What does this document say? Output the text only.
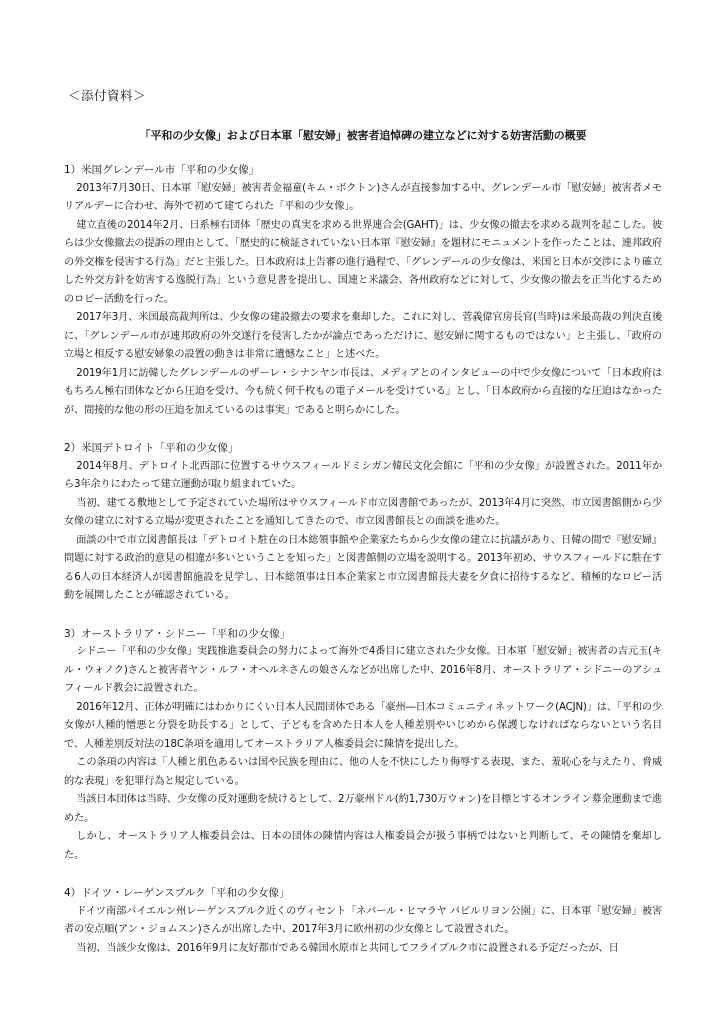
＜添付資料＞
「平和の少女像」および日本軍「慰安婦」被害者追悼碑の建立などに対する妨害活動の概要

1）米国グレンデール市「平和の少女像」

2013年7月30日、日本軍「慰安婦」被害者金福童(キム・ボクトン)さんが直接参加する中、グレンデール市「慰安婦」被害者メモリアルデーに合わせ、海外で初めて建てられた「平和の少女像」。

建立直後の2014年2月、日系極右団体「歴史の真実を求める世界連合会(GAHT)」は、少女像の撤去を求める裁判を起こした。彼らは少女像撤去の提訴の理由として、「歴史的に検証されていない日本軍『慰安婦』を題材にモニュメントを作ったことは、連邦政府の外交権を侵害する行為」だと主張した。日本政府は上告審の進行過程で、「グレンデールの少女像は、米国と日本が交渉により確立した外交方針を妨害する逸脱行為」という意見書を提出し、国連と米議会、各州政府などに対して、少女像の撤去を正当化するためのロビー活動を行った。

2017年3月、米国最高裁判所は、少女像の建設撤去の要求を棄却した。これに対し、菅義偉官房長官(当時)は米最高裁の判決直後に、「グレンデール市が連邦政府の外交遂行を侵害したかが論点であっただけに、慰安婦に関するものではない」と主張し、「政府の立場と相反する慰安婦象の設置の動きは非常に遺憾なこと」と述べた。

2019年1月に訪韓したグレンデールのザーレ・シナンヤン市長は、メディアとのインタビューの中で少女像について「日本政府はもちろん極右団体などから圧迫を受け、今も続く何千枚もの電子メールを受けている」とし、「日本政府から直接的な圧迫はなかったが、間接的な他の形の圧迫を加えているのは事実」であると明らかにした。

2）米国デトロイト「平和の少女像」

2014年8月、デトロイト北西部に位置するサウスフィールドミシガン韓民文化会館に「平和の少女像」が設置された。2011年から3年余りにわたって建立運動が取り組まれていた。

当初、建てる敷地として予定されていた場所はサウスフィールド市立図書館であったが、2013年4月に突然、市立図書館側から少女像の建立に対する立場が変更されたことを通知してきたので、市立図書館長との面談を進めた。

面談の中で市立図書館長は「デトロイト駐在の日本総領事館や企業家たちから少女像の建立に抗議があり、日韓の間で『慰安婦』問題に対する政治的意見の相違が多いということを知った」と図書館側の立場を説明する。2013年初め、サウスフィールドに駐在する6人の日本経済人が図書館施設を見学し、日本総領事は日本企業家と市立図書館長夫妻を夕食に招待するなど、積極的なロビー活動を展開したことが確認されている。

3）オーストラリア・シドニー「平和の少女像」

シドニー「平和の少女像」実践推進委員会の努力によって海外で4番目に建立された少女像。日本軍「慰安婦」被害者の吉元玉(キル・ウォノク)さんと被害者ヤン・ルフ・オヘルネさんの娘さんなどが出席した中、2016年8月、オーストラリア・シドニーのアシュフィールド教会に設置された。

2016年12月、正体が明確にはわかりにくい日本人民間団体である「豪州―日本コミュニティネットワーク(ACJN)」は、「平和の少女像が人種的憎悪と分裂を助長する」として、子どもを含めた日本人を人種差別やいじめから保護しなければならないという名目で、人種差別反対法の18C条項を適用してオーストラリア人権委員会に陳情を提出した。

この条項の内容は「人種と肌色あるいは国や民族を理由に、他の人を不快にしたり侮辱する表現、また、羞恥心を与えたり、脅威的な表現」を犯罪行為と規定している。

当該日本団体は当時、少女像の反対運動を続けるとして、2万豪州ドル(約1,730万ウォン)を目標とするオンライン募金運動まで進めた。

しかし、オーストラリア人権委員会は、日本の団体の陳情内容は人権委員会が扱う事柄ではないと判断して、その陳情を棄却した。

4）ドイツ・レーゲンスブルク「平和の少女像」

ドイツ南部バイエルン州レーゲンスブルク近くのヴィセント「ネパール・ヒマラヤ パビルリヨン公園」に、日本軍「慰安婦」被害者の安点順(アン・ジョムスン)さんが出席した中、2017年3月に欧州初の少女像として設置された。

当初、当該少女像は、2016年9月に友好都市である韓国水原市と共同してフライブルク市に設置される予定だったが、日
